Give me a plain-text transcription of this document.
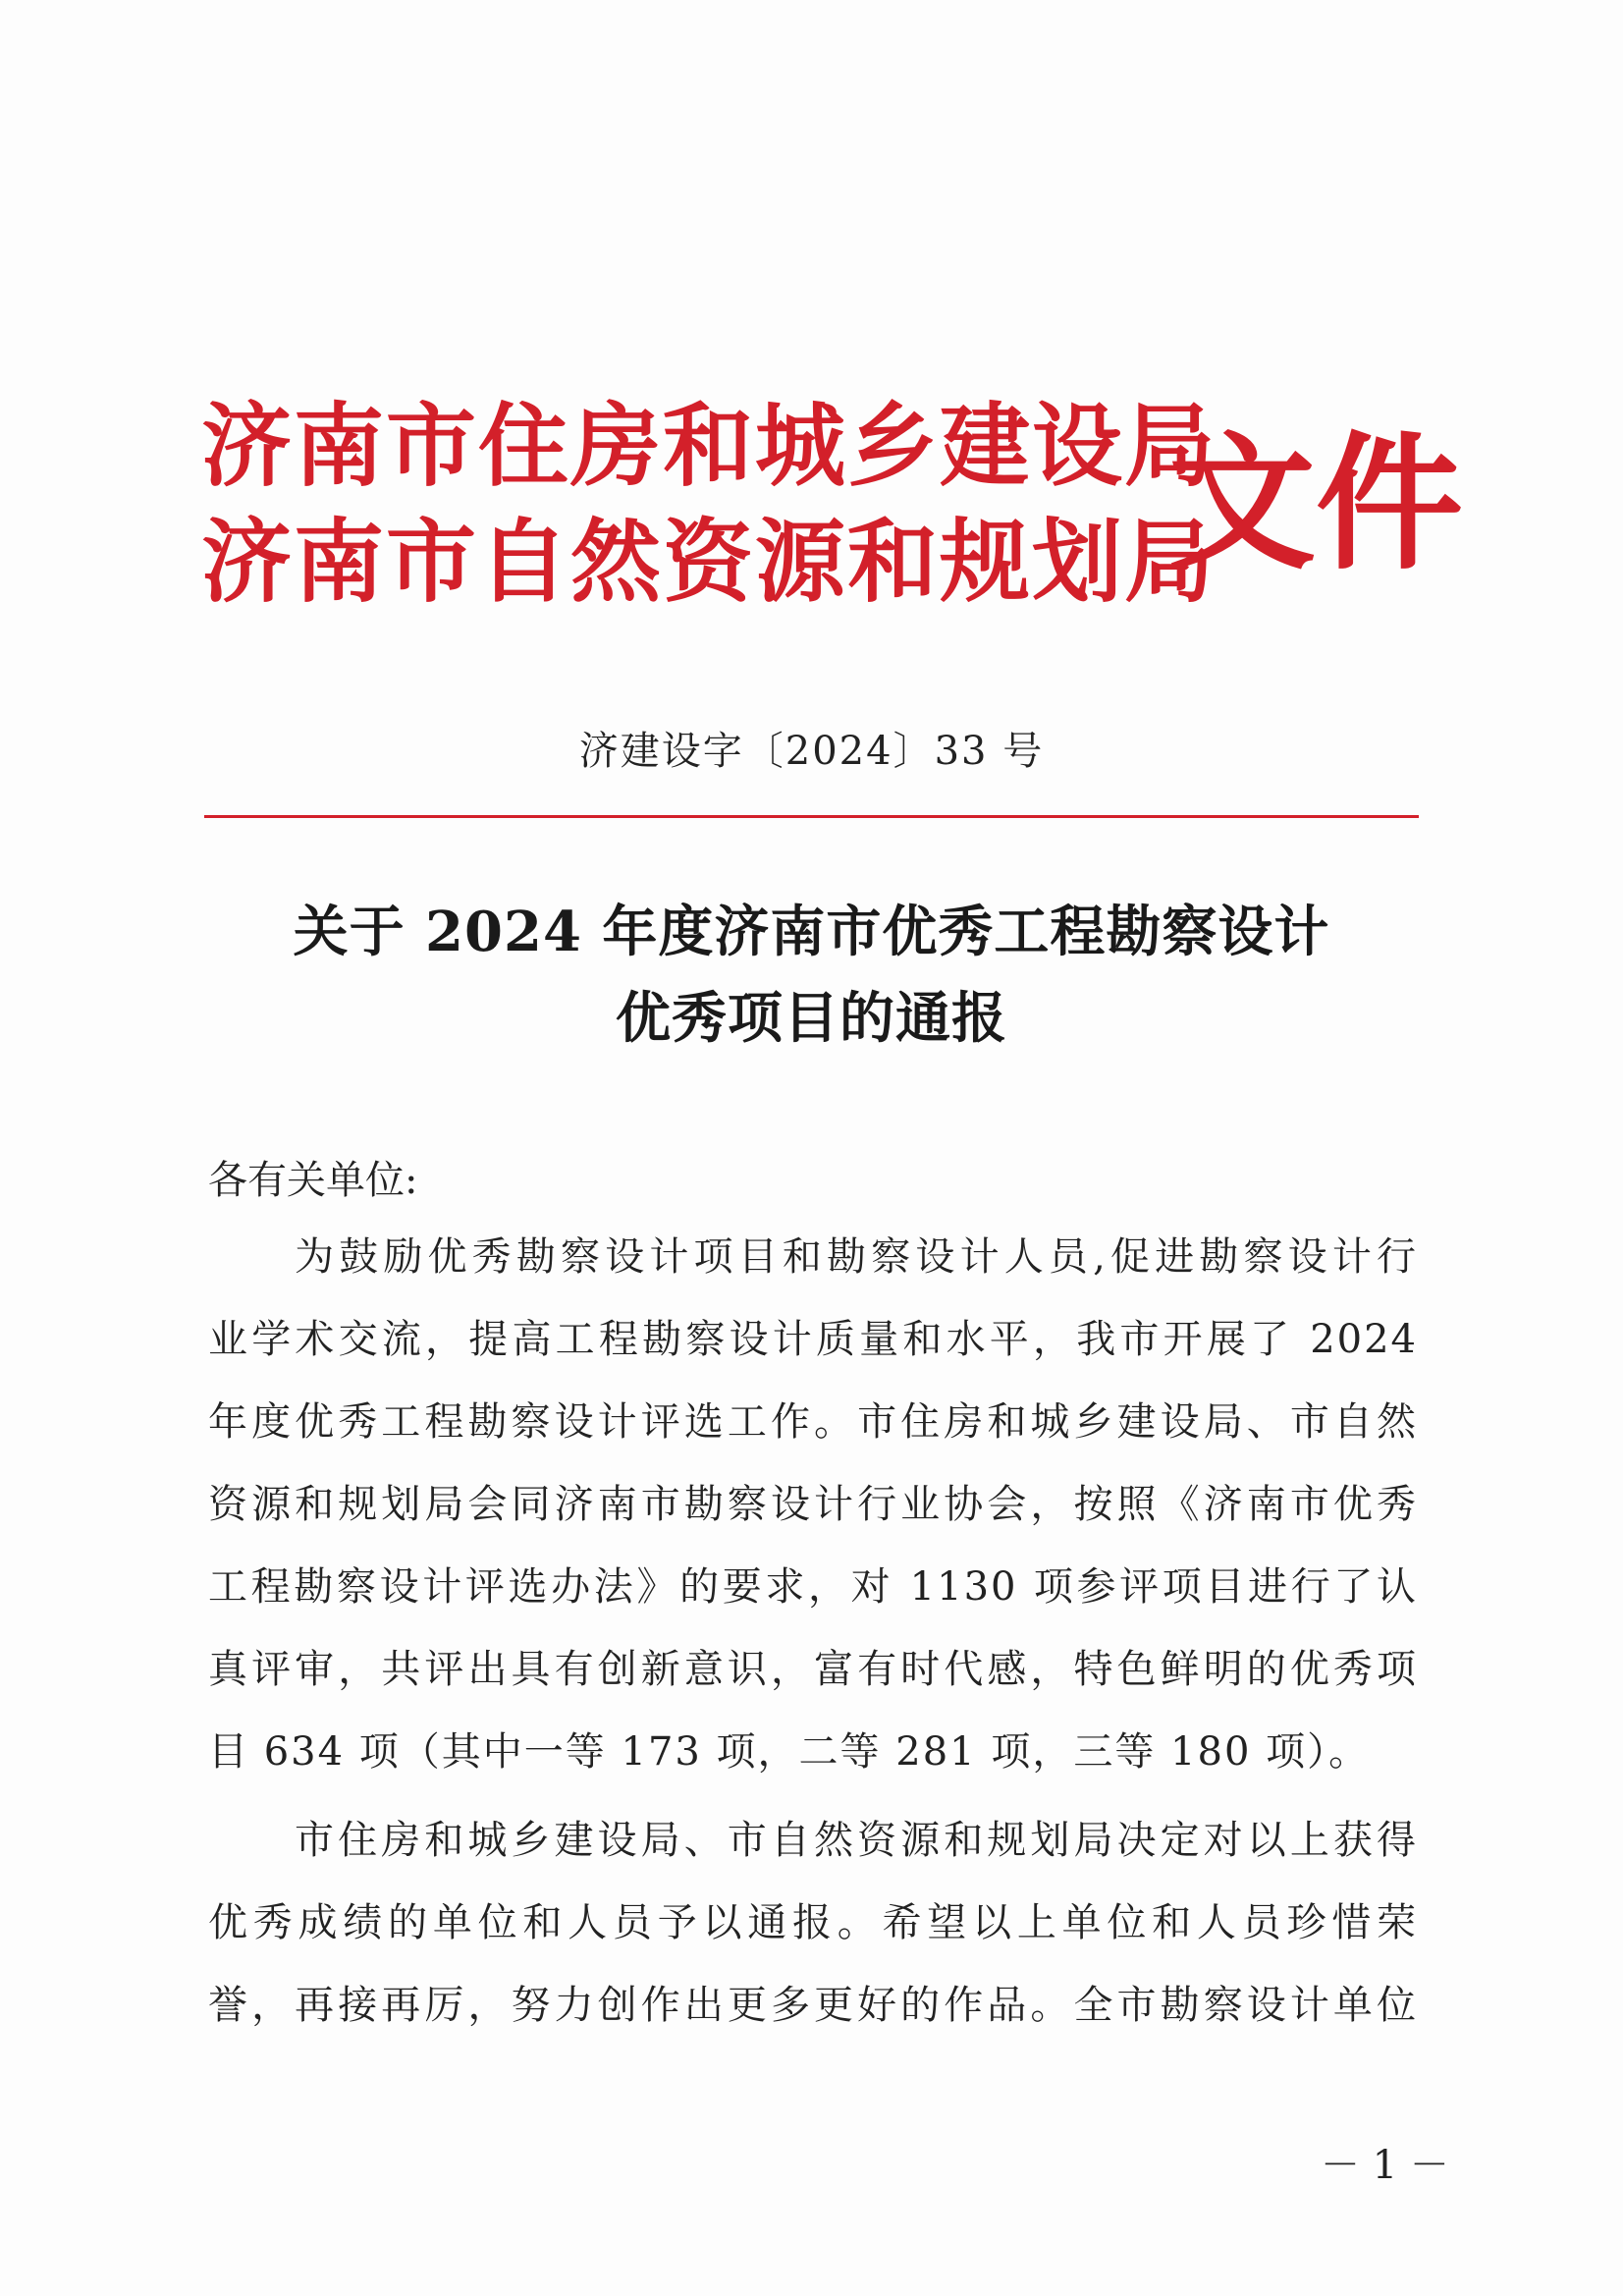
济南市住房和城乡建设局
济南市自然资源和规划局
文件
济建设字〔2024〕33 号
关于 2024 年度济南市优秀工程勘察设计
优秀项目的通报
各有关单位:
为鼓励优秀勘察设计项目和勘察设计人员,促进勘察设计行
业学术交流，提高工程勘察设计质量和水平，我市开展了 2024
年度优秀工程勘察设计评选工作。市住房和城乡建设局、市自然
资源和规划局会同济南市勘察设计行业协会，按照《济南市优秀
工程勘察设计评选办法》的要求，对 1130 项参评项目进行了认
真评审，共评出具有创新意识，富有时代感，特色鲜明的优秀项
目 634 项（其中一等 173 项，二等 281 项，三等 180 项）。
市住房和城乡建设局、市自然资源和规划局决定对以上获得
优秀成绩的单位和人员予以通报。希望以上单位和人员珍惜荣
誉，再接再厉，努力创作出更多更好的作品。全市勘察设计单位
－ 1 －
